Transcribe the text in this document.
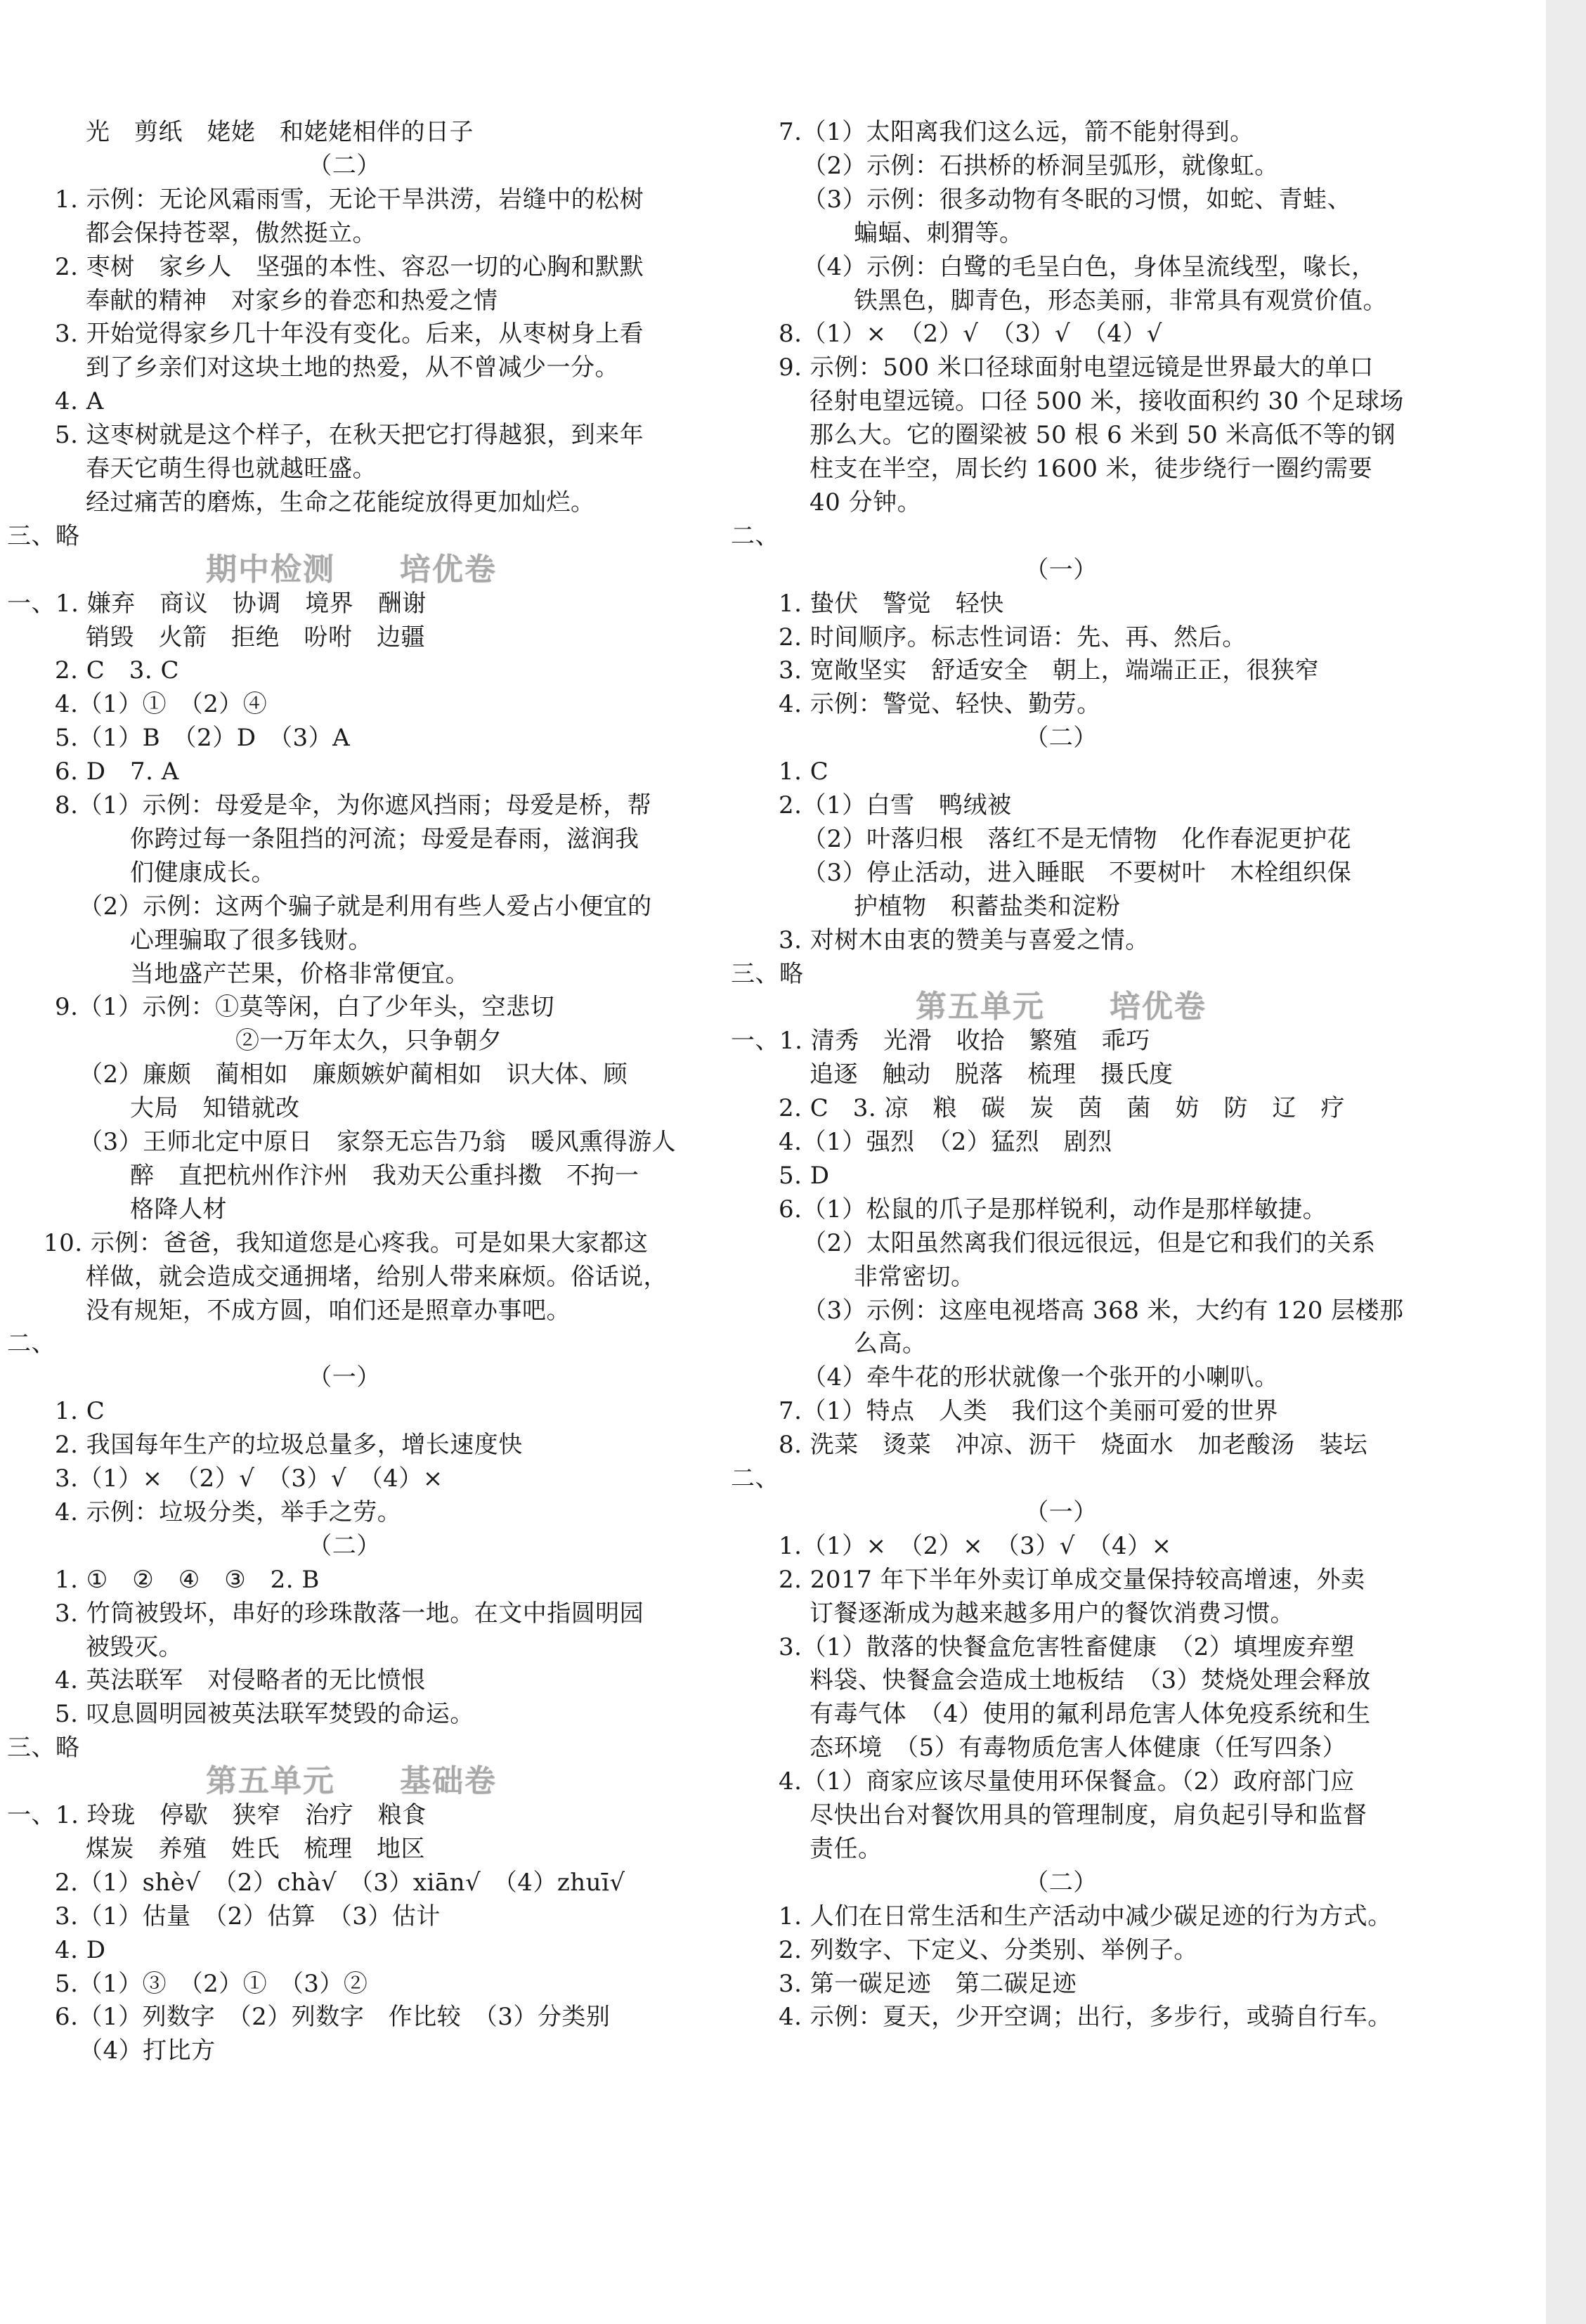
光　剪纸　姥姥　和姥姥相伴的日子
（二）
1. 示例：无论风霜雨雪，无论干旱洪涝，岩缝中的松树
都会保持苍翠，傲然挺立。
2. 枣树　家乡人　坚强的本性、容忍一切的心胸和默默
奉献的精神　对家乡的眷恋和热爱之情
3. 开始觉得家乡几十年没有变化。后来，从枣树身上看
到了乡亲们对这块土地的热爱，从不曾减少一分。
4. A
5. 这枣树就是这个样子，在秋天把它打得越狠，到来年
春天它萌生得也就越旺盛。
经过痛苦的磨炼，生命之花能绽放得更加灿烂。
三、略
期中检测　　培优卷
一、1. 嫌弃　商议　协调　境界　酬谢
销毁　火箭　拒绝　吩咐　边疆
2. C　3. C
4.（1）①　（2）④
5.（1）B　（2）D　（3）A
6. D　7. A
8.（1）示例：母爱是伞，为你遮风挡雨；母爱是桥，帮
你跨过每一条阻挡的河流；母爱是春雨，滋润我
们健康成长。
（2）示例：这两个骗子就是利用有些人爱占小便宜的
心理骗取了很多钱财。
当地盛产芒果，价格非常便宜。
9.（1）示例：①莫等闲，白了少年头，空悲切
②一万年太久，只争朝夕
（2）廉颇　蔺相如　廉颇嫉妒蔺相如　识大体、顾
大局　知错就改
（3）王师北定中原日　家祭无忘告乃翁　暖风熏得游人
醉　直把杭州作汴州　我劝天公重抖擞　不拘一
格降人材
10. 示例：爸爸，我知道您是心疼我。可是如果大家都这
样做，就会造成交通拥堵，给别人带来麻烦。俗话说，
没有规矩，不成方圆，咱们还是照章办事吧。
二、
（一）
1. C
2. 我国每年生产的垃圾总量多，增长速度快
3.（1）×　（2）√　（3）√　（4）×
4. 示例：垃圾分类，举手之劳。
（二）
1. ①　②　④　③　2. B
3. 竹筒被毁坏，串好的珍珠散落一地。在文中指圆明园
被毁灭。
4. 英法联军　对侵略者的无比愤恨
5. 叹息圆明园被英法联军焚毁的命运。
三、略
第五单元　　基础卷
一、1. 玲珑　停歇　狭窄　治疗　粮食
煤炭　养殖　姓氏　梳理　地区
2.（1）shè√　（2）chà√　（3）xiān√　（4）zhuī√
3.（1）估量　（2）估算　（3）估计
4. D
5.（1）③　（2）①　（3）②
6.（1）列数字　（2）列数字　作比较　（3）分类别
（4）打比方
7.（1）太阳离我们这么远，箭不能射得到。
（2）示例：石拱桥的桥洞呈弧形，就像虹。
（3）示例：很多动物有冬眠的习惯，如蛇、青蛙、
蝙蝠、刺猬等。
（4）示例：白鹭的毛呈白色，身体呈流线型，喙长，
铁黑色，脚青色，形态美丽，非常具有观赏价值。
8.（1）×　（2）√　（3）√　（4）√
9. 示例：500 米口径球面射电望远镜是世界最大的单口
径射电望远镜。口径 500 米，接收面积约 30 个足球场
那么大。它的圈梁被 50 根 6 米到 50 米高低不等的钢
柱支在半空，周长约 1600 米，徒步绕行一圈约需要
40 分钟。
二、
（一）
1. 蛰伏　警觉　轻快
2. 时间顺序。标志性词语：先、再、然后。
3. 宽敞坚实　舒适安全　朝上，端端正正，很狭窄
4. 示例：警觉、轻快、勤劳。
（二）
1. C
2.（1）白雪　鸭绒被
（2）叶落归根　落红不是无情物　化作春泥更护花
（3）停止活动，进入睡眠　不要树叶　木栓组织保
护植物　积蓄盐类和淀粉
3. 对树木由衷的赞美与喜爱之情。
三、略
第五单元　　培优卷
一、1. 清秀　光滑　收拾　繁殖　乖巧
追逐　触动　脱落　梳理　摄氏度
2. C　3. 凉　粮　碳　炭　茵　菌　妨　防　辽　疗
4.（1）强烈　（2）猛烈　剧烈
5. D
6.（1）松鼠的爪子是那样锐利，动作是那样敏捷。
（2）太阳虽然离我们很远很远，但是它和我们的关系
非常密切。
（3）示例：这座电视塔高 368 米，大约有 120 层楼那
么高。
（4）牵牛花的形状就像一个张开的小喇叭。
7.（1）特点　人类　我们这个美丽可爱的世界
8. 洗菜　烫菜　冲凉、沥干　烧面水　加老酸汤　装坛
二、
（一）
1.（1）×　（2）×　（3）√　（4）×
2. 2017 年下半年外卖订单成交量保持较高增速，外卖
订餐逐渐成为越来越多用户的餐饮消费习惯。
3.（1）散落的快餐盒危害牲畜健康　（2）填埋废弃塑
料袋、快餐盒会造成土地板结　（3）焚烧处理会释放
有毒气体　（4）使用的氟利昂危害人体免疫系统和生
态环境　（5）有毒物质危害人体健康（任写四条）
4.（1）商家应该尽量使用环保餐盒。（2）政府部门应
尽快出台对餐饮用具的管理制度，肩负起引导和监督
责任。
（二）
1. 人们在日常生活和生产活动中减少碳足迹的行为方式。
2. 列数字、下定义、分类别、举例子。
3. 第一碳足迹　第二碳足迹
4. 示例：夏天，少开空调；出行，多步行，或骑自行车。
